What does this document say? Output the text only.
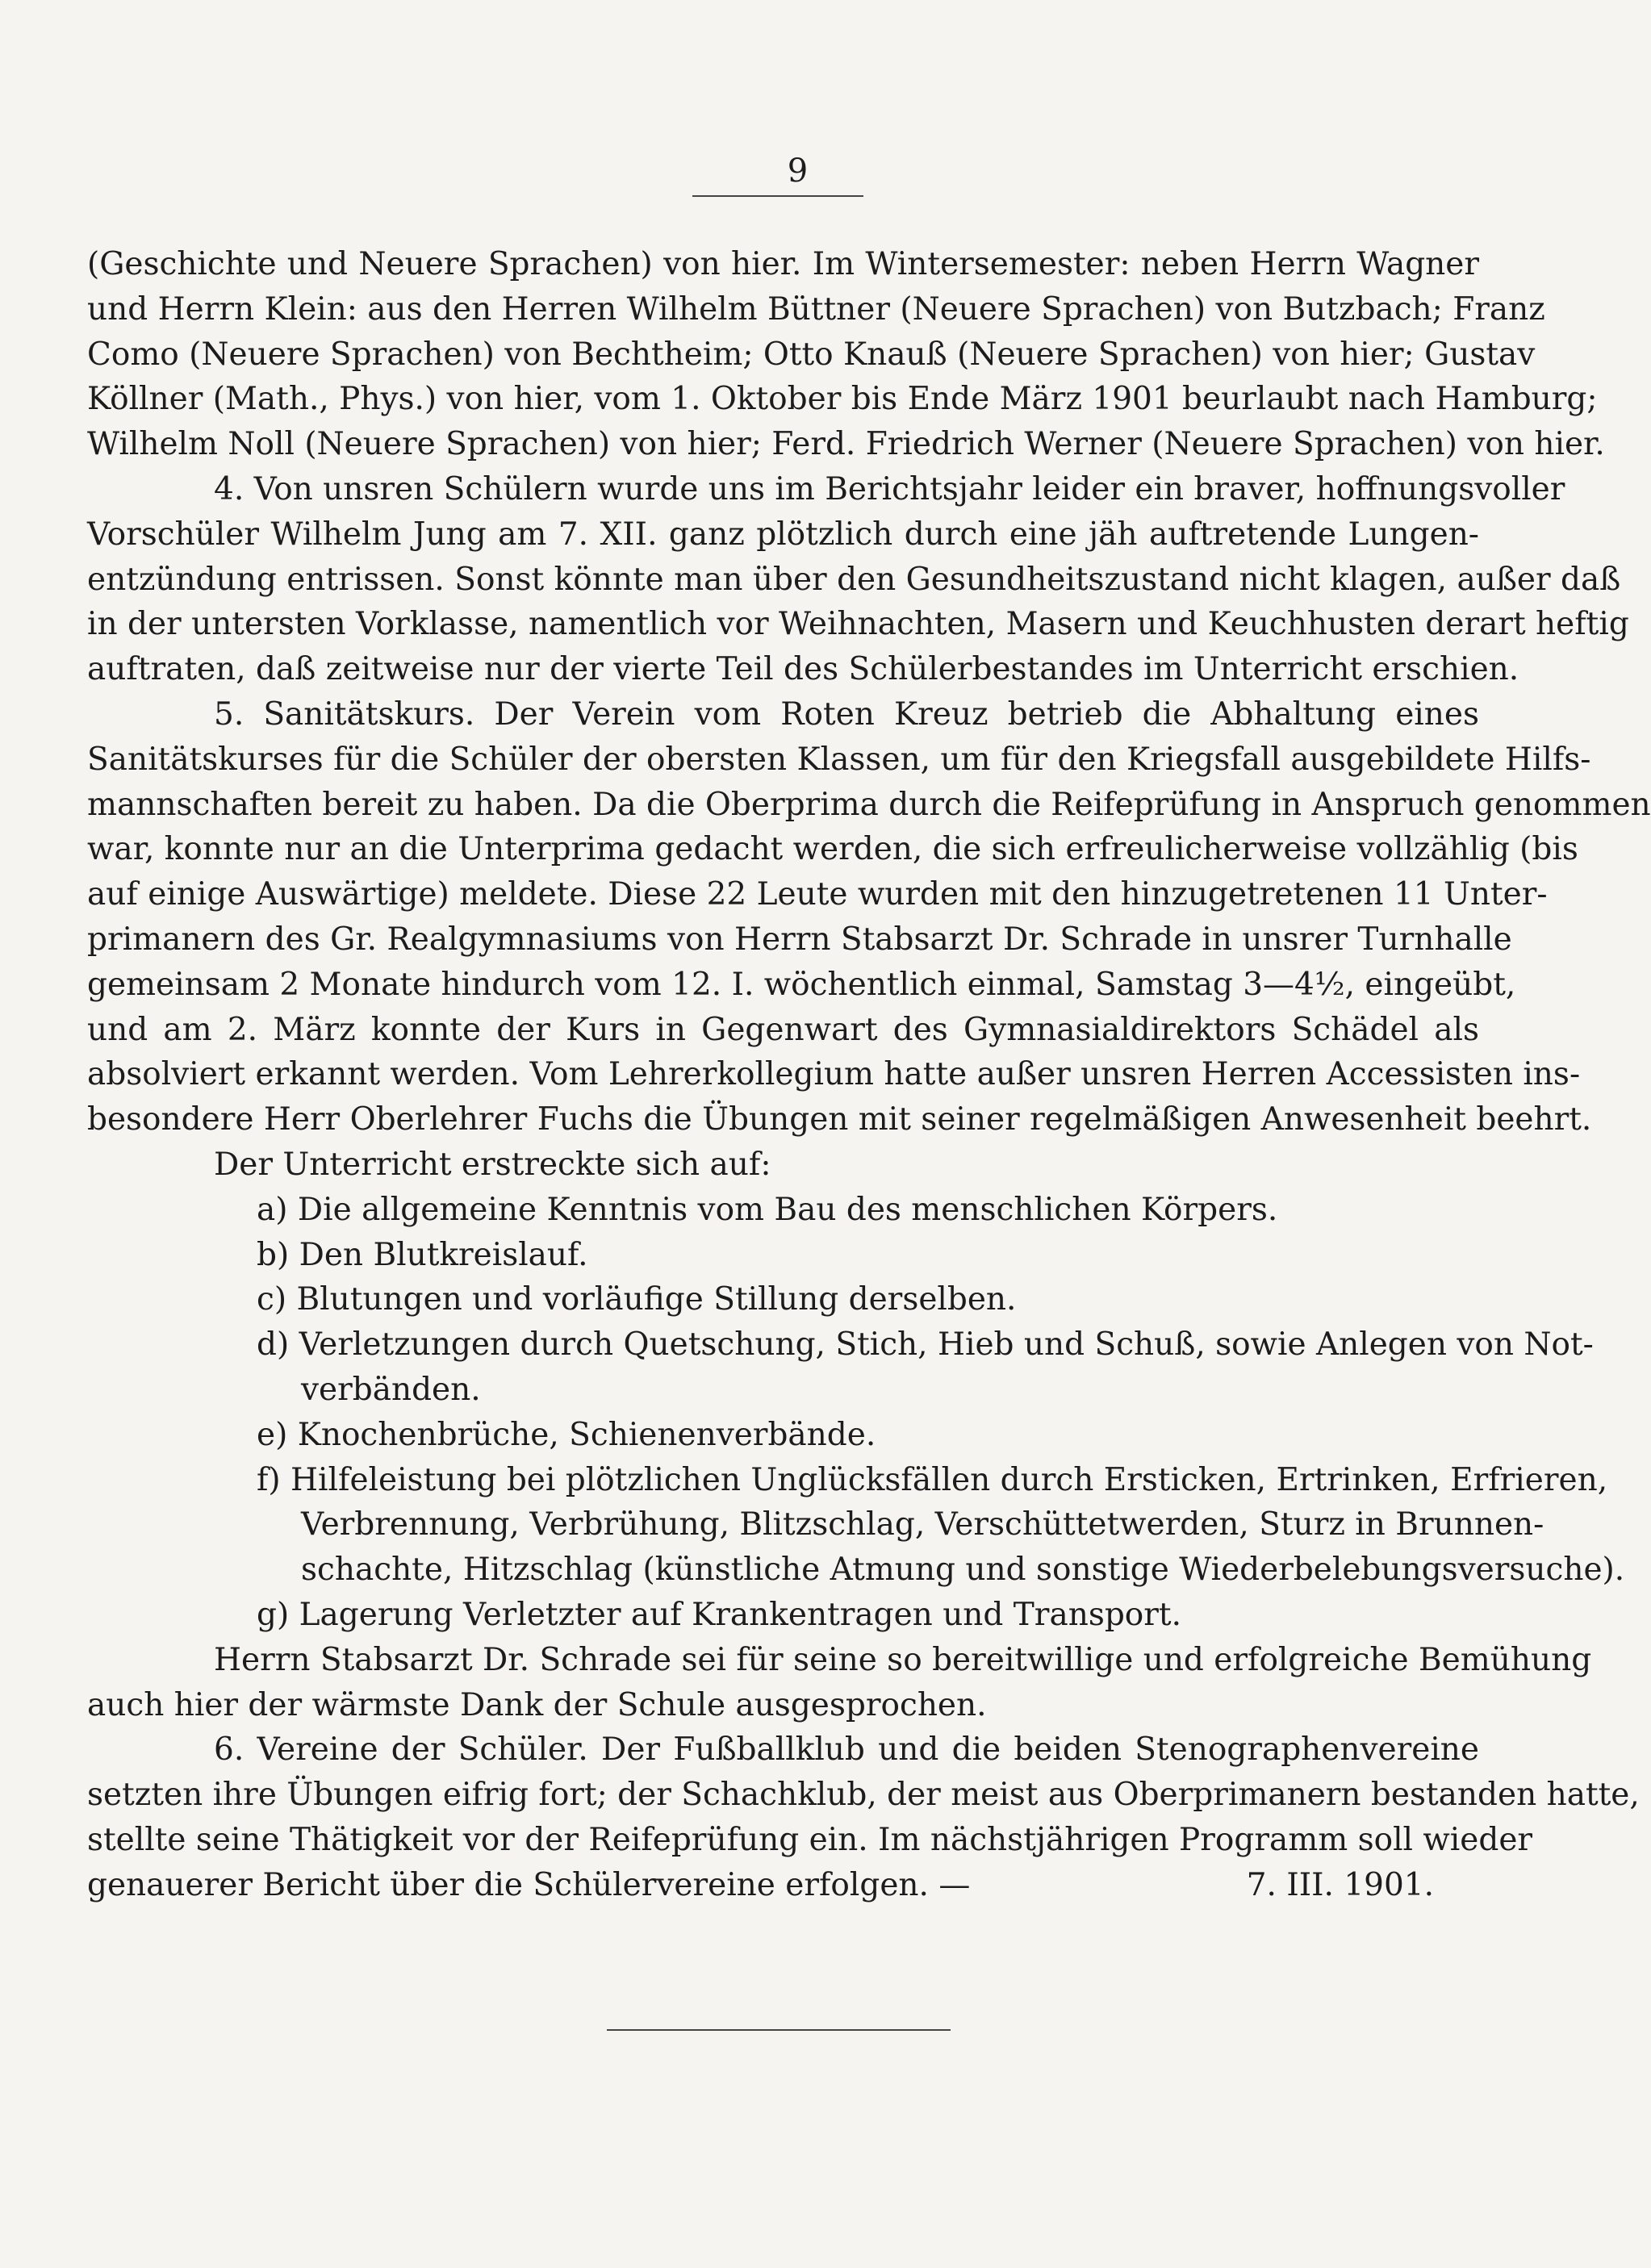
9
(Geschichte und Neuere Sprachen) von hier. Im Wintersemester: neben Herrn Wagner
und Herrn Klein: aus den Herren Wilhelm Büttner (Neuere Sprachen) von Butzbach; Franz
Como (Neuere Sprachen) von Bechtheim; Otto Knauß (Neuere Sprachen) von hier; Gustav
Köllner (Math., Phys.) von hier, vom 1. Oktober bis Ende März 1901 beurlaubt nach Hamburg;
Wilhelm Noll (Neuere Sprachen) von hier; Ferd. Friedrich Werner (Neuere Sprachen) von hier.
4. Von unsren Schülern wurde uns im Berichtsjahr leider ein braver, hoffnungsvoller
Vorschüler Wilhelm Jung am 7. XII. ganz plötzlich durch eine jäh auftretende Lungen-
entzündung entrissen. Sonst könnte man über den Gesundheitszustand nicht klagen, außer daß
in der untersten Vorklasse, namentlich vor Weihnachten, Masern und Keuchhusten derart heftig
auftraten, daß zeitweise nur der vierte Teil des Schülerbestandes im Unterricht erschien.
5. Sanitätskurs. Der Verein vom Roten Kreuz betrieb die Abhaltung eines
Sanitätskurses für die Schüler der obersten Klassen, um für den Kriegsfall ausgebildete Hilfs-
mannschaften bereit zu haben. Da die Oberprima durch die Reifeprüfung in Anspruch genommen
war, konnte nur an die Unterprima gedacht werden, die sich erfreulicherweise vollzählig (bis
auf einige Auswärtige) meldete. Diese 22 Leute wurden mit den hinzugetretenen 11 Unter-
primanern des Gr. Realgymnasiums von Herrn Stabsarzt Dr. Schrade in unsrer Turnhalle
gemeinsam 2 Monate hindurch vom 12. I. wöchentlich einmal, Samstag 3—4½, eingeübt,
und am 2. März konnte der Kurs in Gegenwart des Gymnasialdirektors Schädel als
absolviert erkannt werden. Vom Lehrerkollegium hatte außer unsren Herren Accessisten ins-
besondere Herr Oberlehrer Fuchs die Übungen mit seiner regelmäßigen Anwesenheit beehrt.
Der Unterricht erstreckte sich auf:
a) Die allgemeine Kenntnis vom Bau des menschlichen Körpers.
b) Den Blutkreislauf.
c) Blutungen und vorläufige Stillung derselben.
d) Verletzungen durch Quetschung, Stich, Hieb und Schuß, sowie Anlegen von Not-
verbänden.
e) Knochenbrüche, Schienenverbände.
f) Hilfeleistung bei plötzlichen Unglücksfällen durch Ersticken, Ertrinken, Erfrieren,
Verbrennung, Verbrühung, Blitzschlag, Verschüttetwerden, Sturz in Brunnen-
schachte, Hitzschlag (künstliche Atmung und sonstige Wiederbelebungsversuche).
g) Lagerung Verletzter auf Krankentragen und Transport.
Herrn Stabsarzt Dr. Schrade sei für seine so bereitwillige und erfolgreiche Bemühung
auch hier der wärmste Dank der Schule ausgesprochen.
6. Vereine der Schüler. Der Fußballklub und die beiden Stenographenvereine
setzten ihre Übungen eifrig fort; der Schachklub, der meist aus Oberprimanern bestanden hatte,
stellte seine Thätigkeit vor der Reifeprüfung ein. Im nächstjährigen Programm soll wieder
genauerer Bericht über die Schülervereine erfolgen. —	7. III. 1901.
